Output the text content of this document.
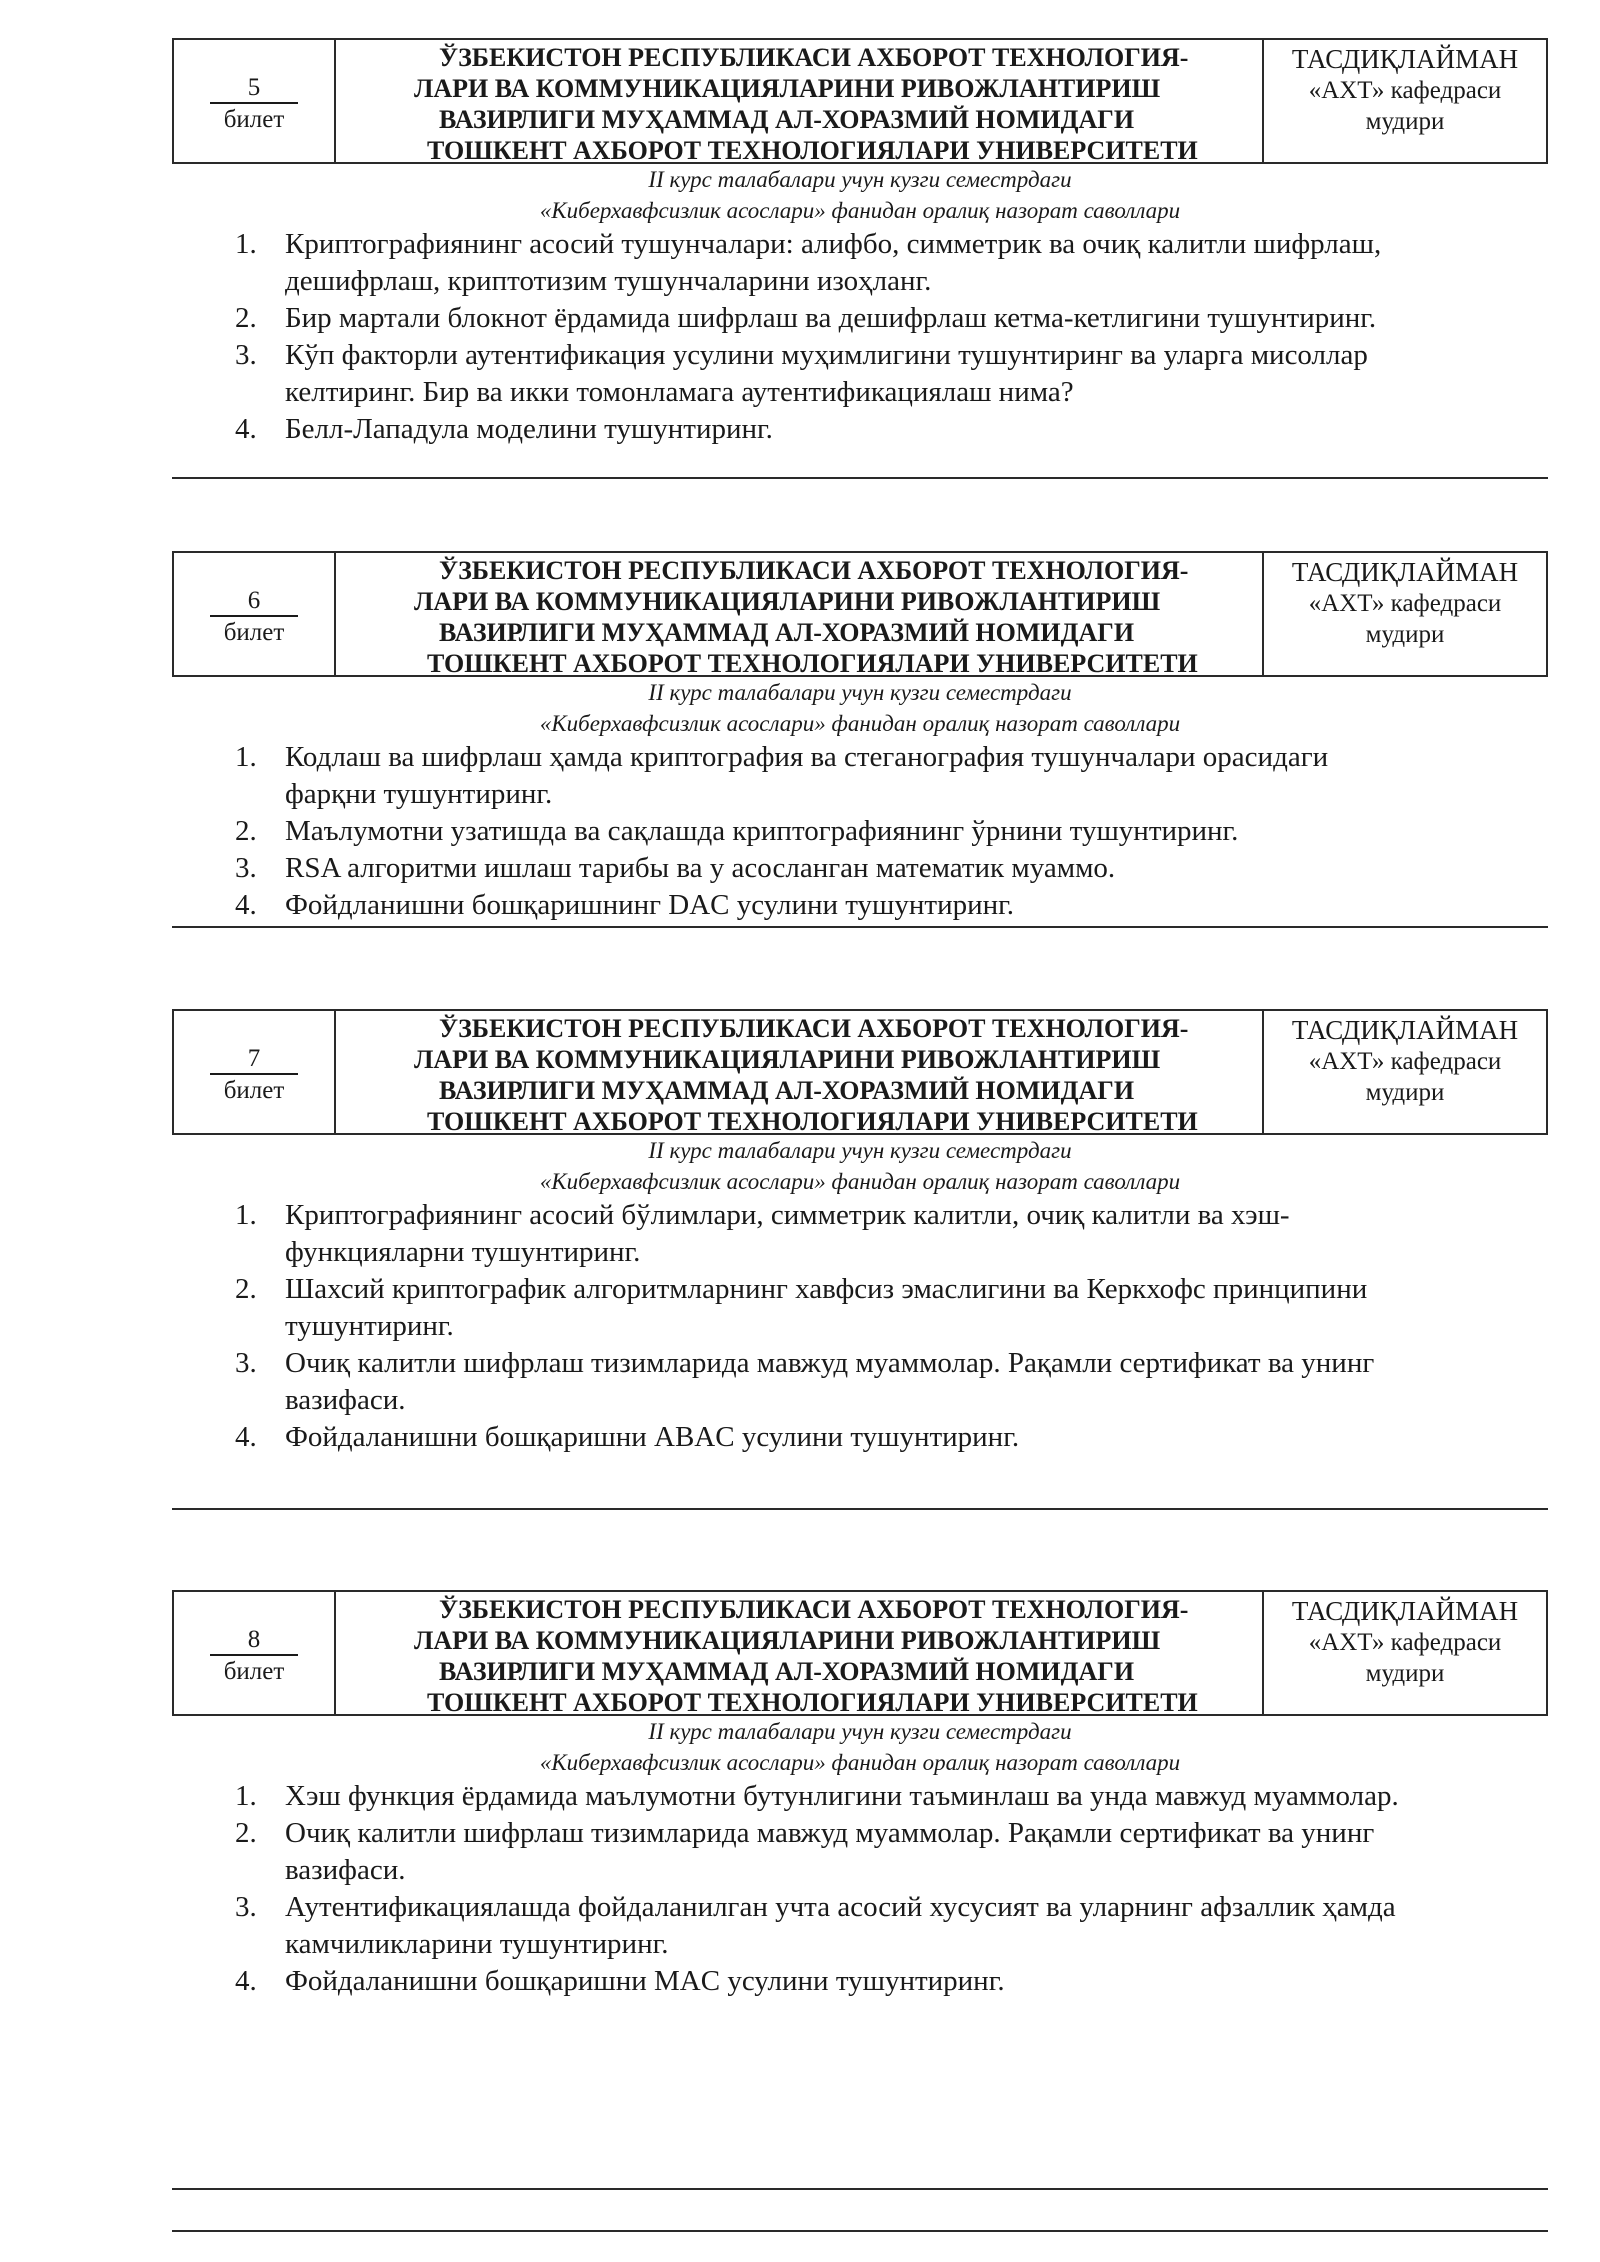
5
билет
ЎЗБЕКИСТОН РЕСПУБЛИКАСИ АХБОРОТ ТЕХНОЛОГИЯ-
ЛАРИ ВА КОММУНИКАЦИЯЛАРИНИ РИВОЖЛАНТИРИШ
ВАЗИРЛИГИ МУҲАММАД АЛ-ХОРАЗМИЙ НОМИДАГИ
ТОШКЕНТ АХБОРОТ ТЕХНОЛОГИЯЛАРИ УНИВЕРСИТЕТИ
ТАСДИҚЛАЙМАН
«АХТ» кафедраси
мудири
II курс талабалари учун кузги семестрдаги
«Киберхавфсизлик асослари» фанидан оралиқ назорат саволлари
1. Криптографиянинг асосий тушунчалари: алифбо, симметрик ва очиқ калитли шифрлаш,
дешифрлаш, криптотизим тушунчаларини изоҳланг.
2. Бир мартали блокнот ёрдамида шифрлаш ва дешифрлаш кетма-кетлигини тушунтиринг.
3. Кўп факторли аутентификация усулини муҳимлигини тушунтиринг ва уларга мисоллар
келтиринг. Бир ва икки томонламага аутентификациялаш нима?
4. Белл-Лападула моделини тушунтиринг.
6
билет
ЎЗБЕКИСТОН РЕСПУБЛИКАСИ АХБОРОТ ТЕХНОЛОГИЯ-
ЛАРИ ВА КОММУНИКАЦИЯЛАРИНИ РИВОЖЛАНТИРИШ
ВАЗИРЛИГИ МУҲАММАД АЛ-ХОРАЗМИЙ НОМИДАГИ
ТОШКЕНТ АХБОРОТ ТЕХНОЛОГИЯЛАРИ УНИВЕРСИТЕТИ
ТАСДИҚЛАЙМАН
«АХТ» кафедраси
мудири
II курс талабалари учун кузги семестрдаги
«Киберхавфсизлик асослари» фанидан оралиқ назорат саволлари
1. Кодлаш ва шифрлаш ҳамда криптография ва стеганография тушунчалари орасидаги
фарқни тушунтиринг.
2. Маълумотни узатишда ва сақлашда криптографиянинг ўрнини тушунтиринг.
3. RSA алгоритми ишлаш тарибы ва у асосланган математик муаммо.
4. Фойдланишни бошқаришнинг DAC усулини тушунтиринг.
7
билет
ЎЗБЕКИСТОН РЕСПУБЛИКАСИ АХБОРОТ ТЕХНОЛОГИЯ-
ЛАРИ ВА КОММУНИКАЦИЯЛАРИНИ РИВОЖЛАНТИРИШ
ВАЗИРЛИГИ МУҲАММАД АЛ-ХОРАЗМИЙ НОМИДАГИ
ТОШКЕНТ АХБОРОТ ТЕХНОЛОГИЯЛАРИ УНИВЕРСИТЕТИ
ТАСДИҚЛАЙМАН
«АХТ» кафедраси
мудири
II курс талабалари учун кузги семестрдаги
«Киберхавфсизлик асослари» фанидан оралиқ назорат саволлари
1. Криптографиянинг асосий бўлимлари, симметрик калитли, очиқ калитли ва хэш-
функцияларни тушунтиринг.
2. Шахсий криптографик алгоритмларнинг хавфсиз эмаслигини ва Керкхофс принципини
тушунтиринг.
3. Очиқ калитли шифрлаш тизимларида мавжуд муаммолар. Рақамли сертификат ва унинг
вазифаси.
4. Фойдаланишни бошқаришни ABAC усулини тушунтиринг.
8
билет
ЎЗБЕКИСТОН РЕСПУБЛИКАСИ АХБОРОТ ТЕХНОЛОГИЯ-
ЛАРИ ВА КОММУНИКАЦИЯЛАРИНИ РИВОЖЛАНТИРИШ
ВАЗИРЛИГИ МУҲАММАД АЛ-ХОРАЗМИЙ НОМИДАГИ
ТОШКЕНТ АХБОРОТ ТЕХНОЛОГИЯЛАРИ УНИВЕРСИТЕТИ
ТАСДИҚЛАЙМАН
«АХТ» кафедраси
мудири
II курс талабалари учун кузги семестрдаги
«Киберхавфсизлик асослари» фанидан оралиқ назорат саволлари
1. Хэш функция ёрдамида маълумотни бутунлигини таъминлаш ва унда мавжуд муаммолар.
2. Очиқ калитли шифрлаш тизимларида мавжуд муаммолар. Рақамли сертификат ва унинг
вазифаси.
3. Аутентификациялашда фойдаланилган учта асосий хусусият ва уларнинг афзаллик ҳамда
камчиликларини тушунтиринг.
4. Фойдаланишни бошқаришни MAC усулини тушунтиринг.
